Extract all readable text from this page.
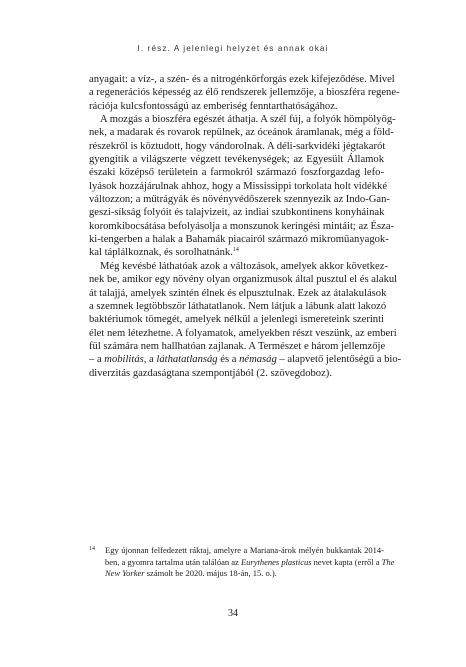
I. rész. A jelenlegi helyzet és annak okai
anyagait: a víz-, a szén- és a nitrogénkörforgás ezek kifejeződése. Mivel
a regenerációs képesség az élő rendszerek jellemzője, a bioszféra regene-
rációja kulcsfontosságú az emberiség fenntarthatóságához.
A mozgás a bioszféra egészét áthatja. A szél fúj, a folyók hömpölyög-
nek, a madarak és rovarok repülnek, az óceánok áramlanak, még a föld-
részekről is köztudott, hogy vándorolnak. A déli-sarkvidéki jégtakarót
gyengítik a világszerte végzett tevékenységek; az Egyesült Államok
északi középső területein a farmokról származó foszforgazdag lefo-
lyások hozzájárulnak ahhoz, hogy a Mississippi torkolata holt vidékké
változzon; a műtrágyák és növényvédőszerek szennyezik az Indo-Gan-
geszi-síkság folyóit és talajvizeit, az indiai szubkontinens konyháinak
koromkibocsátása befolyásolja a monszunok keringési mintáit; az Észa-
ki-tengerben a halak a Bahamák piacairól származó mikroműanyagok-
kal táplálkoznak, és sorolhatnánk.$^{14}$
Még kevésbé láthatóak azok a változások, amelyek akkor következ-
nek be, amikor egy növény olyan organizmusok által pusztul el és alakul
át talajjá, amelyek szintén élnek és elpusztulnak. Ezek az átalakulások
a szemnek legtöbbször láthatatlanok. Nem látjuk a lábunk alatt lakozó
baktériumok tömegét, amelyek nélkül a jelenlegi ismereteink szerinti
élet nem létezhetne. A folyamatok, amelyekben részt veszünk, az emberi
fül számára nem hallhatóan zajlanak. A Természet e három jellemzője
– a mobilitás, a láthatatlanság és a némaság – alapvető jelentőségű a bio-
diverzitás gazdaságtana szempontjából (2. szövegdoboz).
14 Egy újonnan felfedezett ráktaj, amelyre a Mariana-árok mélyén bukkantak 2014-
ben, a gyomra tartalma után találóan az Eurythenes plasticus nevet kapta (erről a The
New Yorker számolt be 2020. május 18-án, 15. o.).
34
